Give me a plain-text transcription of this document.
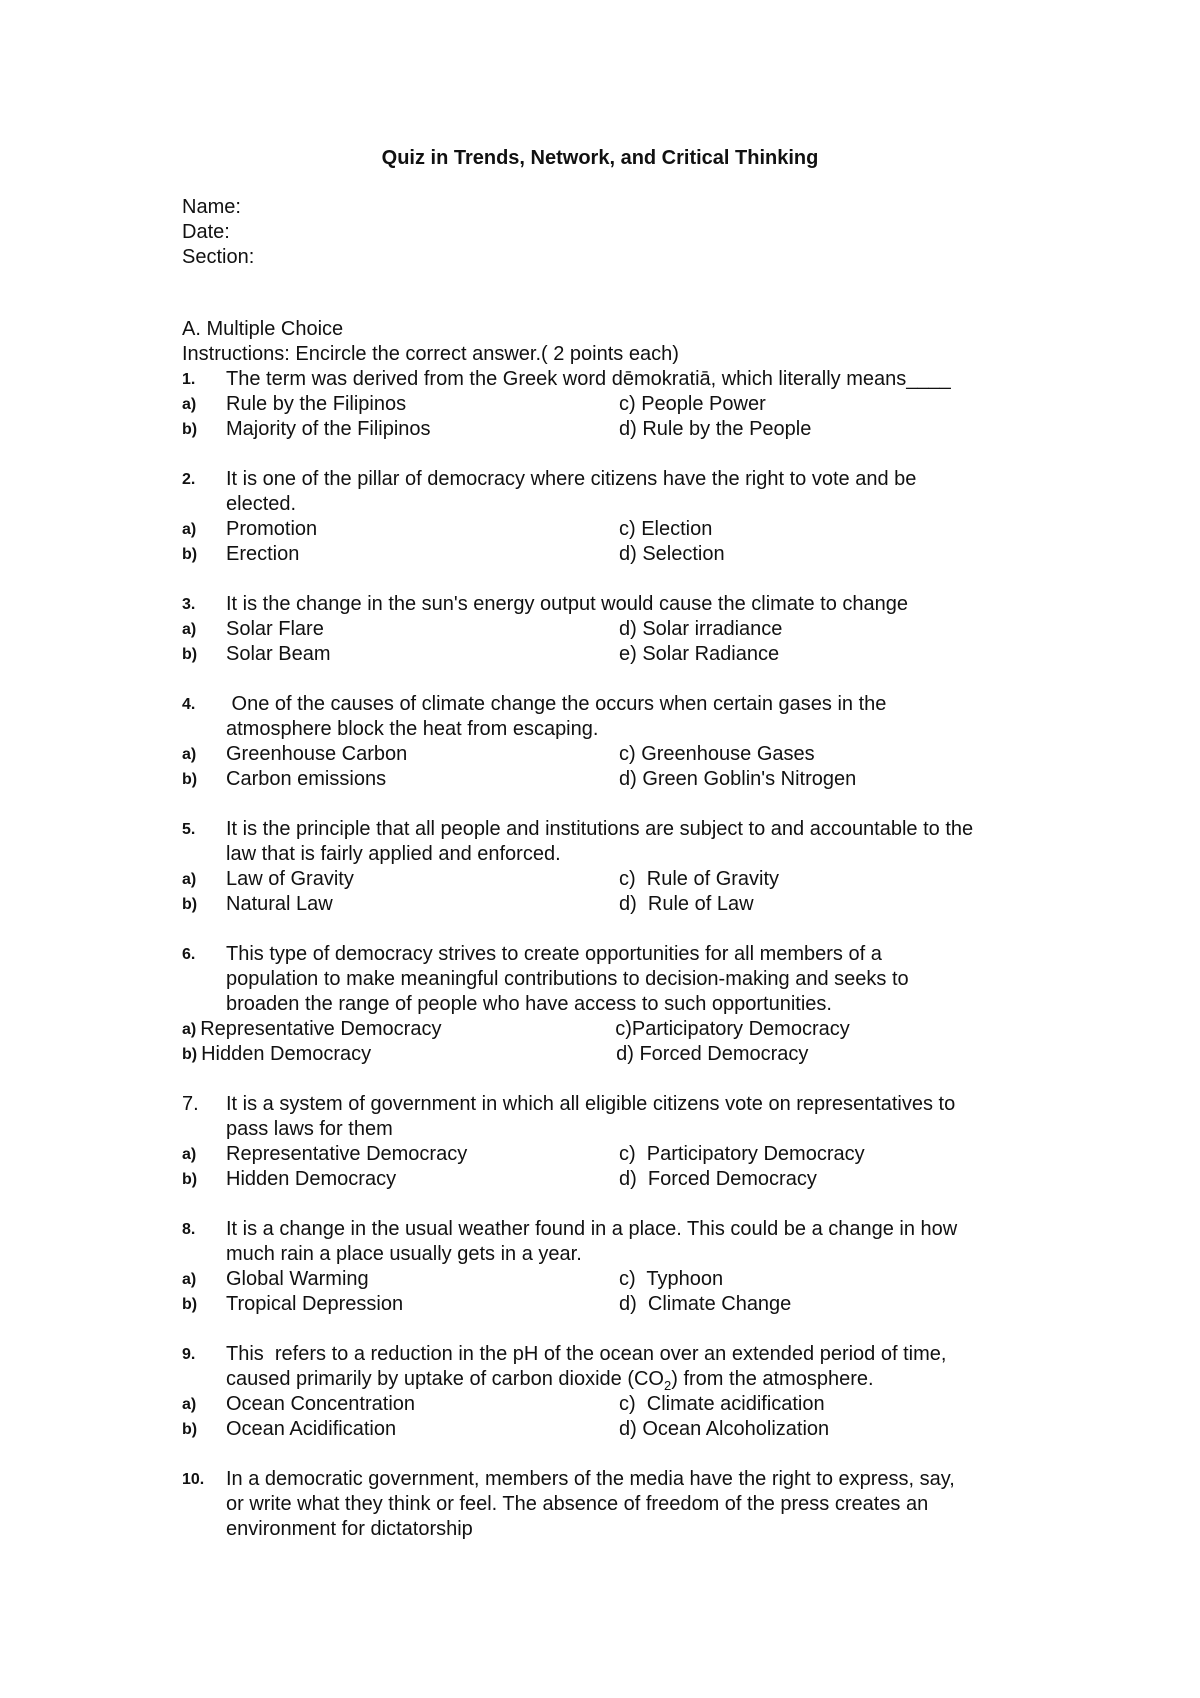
Quiz in Trends, Network, and Critical Thinking
Name:
Date:
Section:
A. Multiple Choice
Instructions: Encircle the correct answer.( 2 points each)
1.	The term was derived from the Greek word dēmokratiā, which literally means____
a)	Rule by the Filipinos	c) People Power
b)	Majority of the Filipinos	d) Rule by the People
2.	It is one of the pillar of democracy where citizens have the right to vote and be
elected.
a)	Promotion	c) Election
b)	Erection	d) Selection
3.	It is the change in the sun's energy output would cause the climate to change
a)	Solar Flare	d) Solar irradiance
b)	Solar Beam	e) Solar Radiance
4.	One of the causes of climate change the occurs when certain gases in the
atmosphere block the heat from escaping.
a)	Greenhouse Carbon	c) Greenhouse Gases
b)	Carbon emissions	d) Green Goblin's Nitrogen
5.	It is the principle that all people and institutions are subject to and accountable to the
law that is fairly applied and enforced.
a)	Law of Gravity	c)  Rule of Gravity
b)	Natural Law	d)  Rule of Law
6.	This type of democracy strives to create opportunities for all members of a
population to make meaningful contributions to decision-making and seeks to
broaden the range of people who have access to such opportunities.
a) Representative Democracy	c)Participatory Democracy
b) Hidden Democracy	d) Forced Democracy
7.	It is a system of government in which all eligible citizens vote on representatives to
pass laws for them
a)	Representative Democracy	c)  Participatory Democracy
b)	Hidden Democracy	d)  Forced Democracy
8.	It is a change in the usual weather found in a place. This could be a change in how
much rain a place usually gets in a year.
a)	Global Warming	c)  Typhoon
b)	Tropical Depression	d)  Climate Change
9.	This  refers to a reduction in the pH of the ocean over an extended period of time,
caused primarily by uptake of carbon dioxide $(CO_2)$ from the atmosphere.
a)	Ocean Concentration	c)  Climate acidification
b)	Ocean Acidification	d) Ocean Alcoholization
10.	In a democratic government, members of the media have the right to express, say,
or write what they think or feel. The absence of freedom of the press creates an
environment for dictatorship
